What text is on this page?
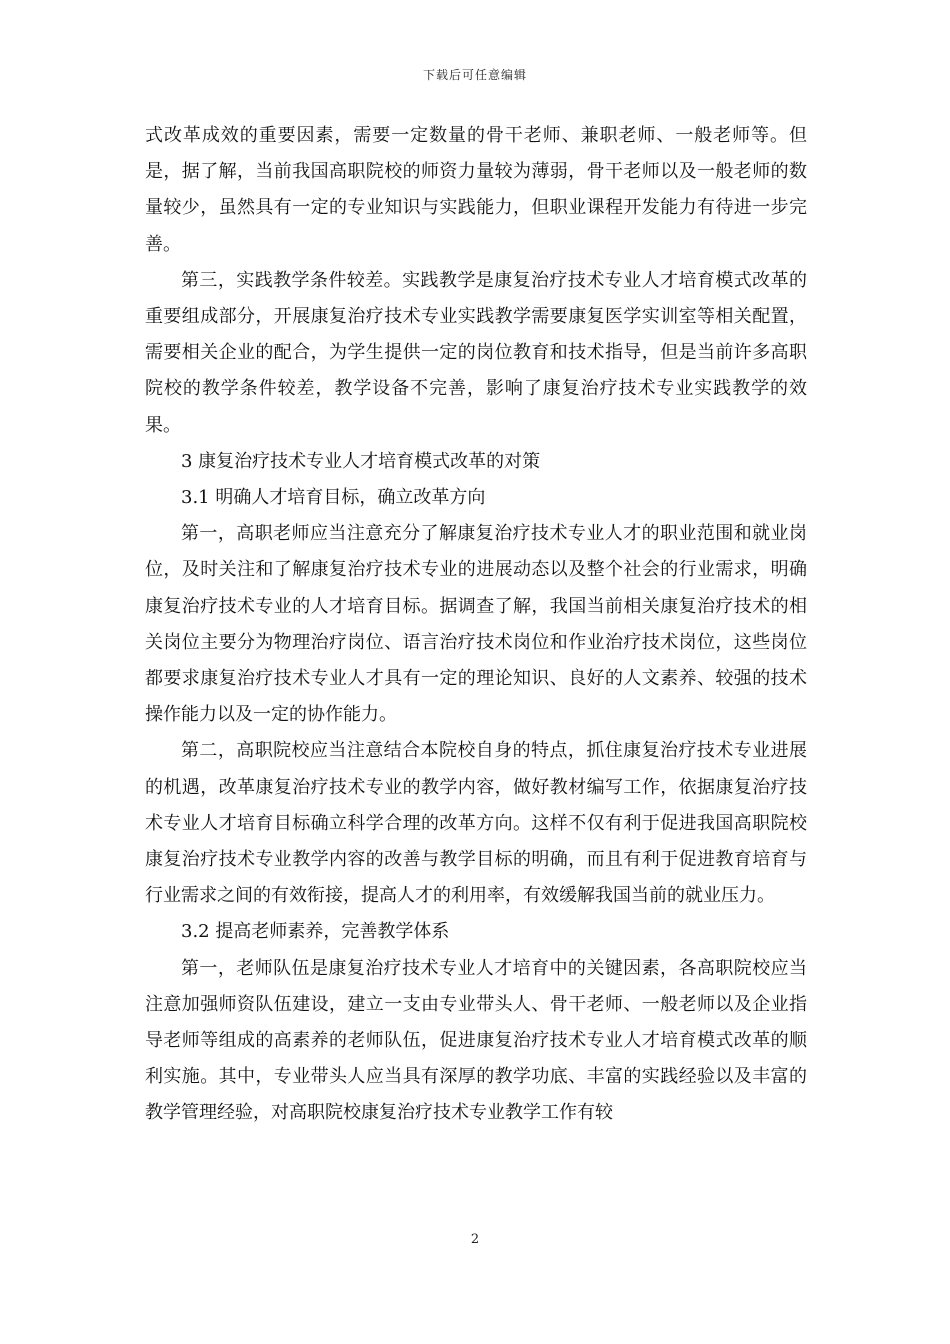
下载后可任意编辑

式改革成效的重要因素，需要一定数量的骨干老师、兼职老师、一般老师等。但是，据了解，当前我国高职院校的师资力量较为薄弱，骨干老师以及一般老师的数量较少，虽然具有一定的专业知识与实践能力，但职业课程开发能力有待进一步完善。

第三，实践教学条件较差。实践教学是康复治疗技术专业人才培育模式改革的重要组成部分，开展康复治疗技术专业实践教学需要康复医学实训室等相关配置，需要相关企业的配合，为学生提供一定的岗位教育和技术指导，但是当前许多高职院校的教学条件较差，教学设备不完善，影响了康复治疗技术专业实践教学的效果。

3 康复治疗技术专业人才培育模式改革的对策

3.1 明确人才培育目标，确立改革方向

第一，高职老师应当注意充分了解康复治疗技术专业人才的职业范围和就业岗位，及时关注和了解康复治疗技术专业的进展动态以及整个社会的行业需求，明确康复治疗技术专业的人才培育目标。据调查了解，我国当前相关康复治疗技术的相关岗位主要分为物理治疗岗位、语言治疗技术岗位和作业治疗技术岗位，这些岗位都要求康复治疗技术专业人才具有一定的理论知识、良好的人文素养、较强的技术操作能力以及一定的协作能力。

第二，高职院校应当注意结合本院校自身的特点，抓住康复治疗技术专业进展的机遇，改革康复治疗技术专业的教学内容，做好教材编写工作，依据康复治疗技术专业人才培育目标确立科学合理的改革方向。这样不仅有利于促进我国高职院校康复治疗技术专业教学内容的改善与教学目标的明确，而且有利于促进教育培育与行业需求之间的有效衔接，提高人才的利用率，有效缓解我国当前的就业压力。

3.2 提高老师素养，完善教学体系

第一，老师队伍是康复治疗技术专业人才培育中的关键因素，各高职院校应当注意加强师资队伍建设，建立一支由专业带头人、骨干老师、一般老师以及企业指导老师等组成的高素养的老师队伍，促进康复治疗技术专业人才培育模式改革的顺利实施。其中，专业带头人应当具有深厚的教学功底、丰富的实践经验以及丰富的教学管理经验，对高职院校康复治疗技术专业教学工作有较

2
